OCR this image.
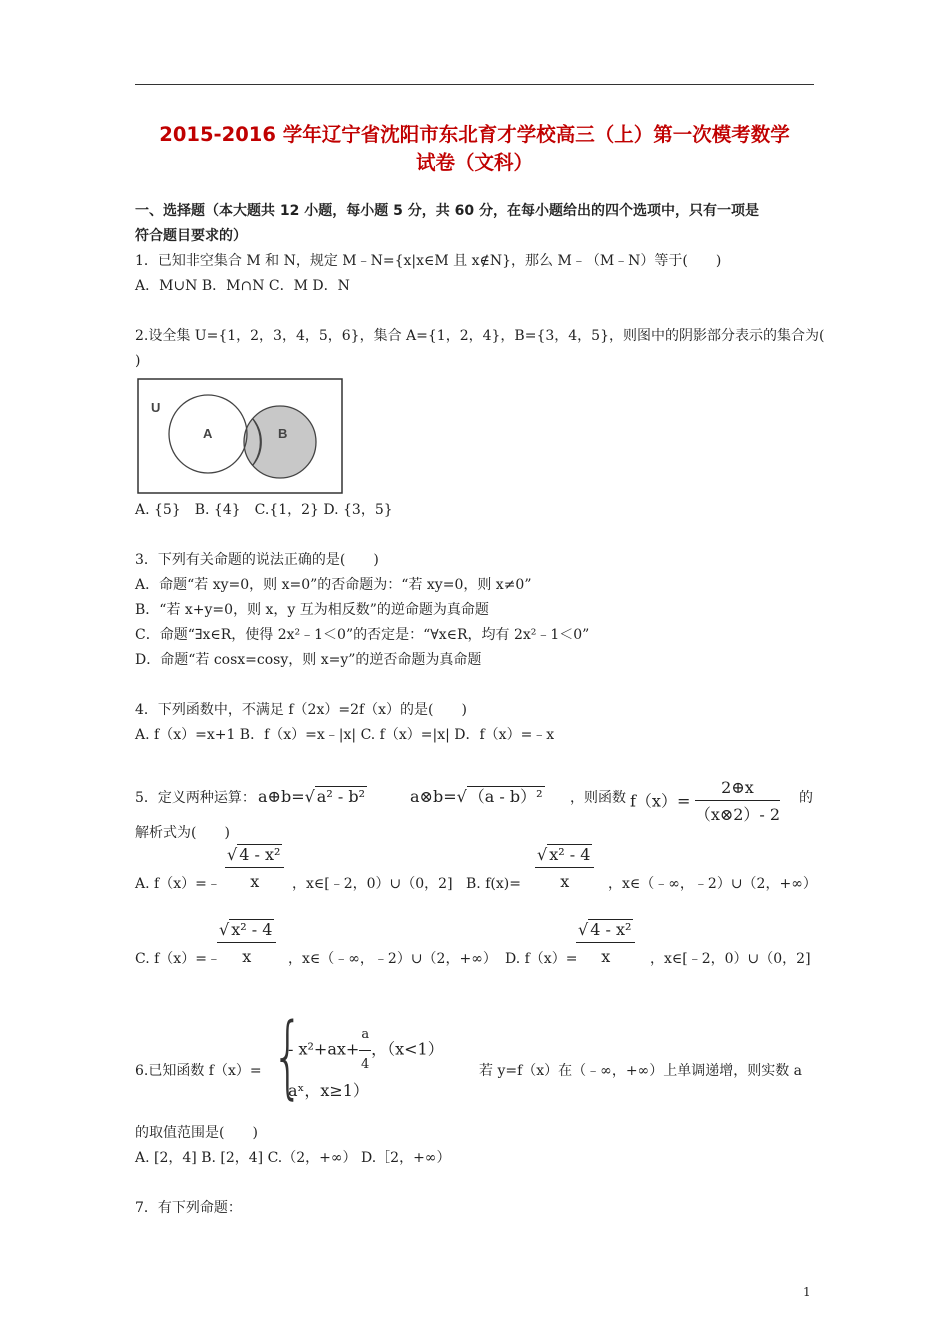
2015-2016 学年辽宁省沈阳市东北育才学校高三（上）第一次模考数学
试卷（文科）
一、选择题（本大题共 12 小题，每小题 5 分，共 60 分，在每小题给出的四个选项中，只有一项是
符合题目要求的）
1．已知非空集合 M 和 N，规定 M﹣N={x|x∈M 且 x∉N}，那么 M﹣（M﹣N）等于(　　)
A．M∪N B．M∩N C．M D．N
2.设全集 U={1，2，3，4，5，6}，集合 A={1，2，4}，B={3，4，5}，则图中的阴影部分表示的集合为(
)
U
A	B
A. {5}　B. {4}　C.{1，2} D. {3，5}
3．下列有关命题的说法正确的是(　　)
A．命题“若 xy=0，则 x=0”的否命题为：“若 xy=0，则 x≠0”
B．“若 x+y=0，则 x，y 互为相反数”的逆命题为真命题
C．命题“∃x∈R，使得 2x²﹣1＜0”的否定是：“∀x∈R，均有 2x²﹣1＜0”
D．命题“若 cosx=cosy，则 x=y”的逆否命题为真命题
4．下列函数中，不满足 f（2x）=2f（x）的是(　　)
A. f（x）=x+1 B．f（x）=x﹣|x| C. f（x）=|x| D．f（x）=﹣x
5．定义两种运算： a⊕b=√ a² - b²	a⊗b=√ （a - b）² ，则函数 $f(x)= \frac{2\oplus x}{(x\otimes 2)- 2}$ 的
解析式为(　　)
A. f（x）=﹣ $\frac{\text{√ 4 - x²}}{x}$ ，x∈[﹣2，0）∪（0，2] B. $f(x)= \frac{\text{√ x² - 4}}{x}$ ，x∈（﹣∞，﹣2）∪（2，+∞）
C. f（x）=﹣
$\frac{\text{√ x² - 4}}{x}$ ，x∈（﹣∞，﹣2）∪（2，+∞） D. f（x）=
$\frac{\text{√ 4 - x²}}{x}$ ，x∈[﹣2，0）∪（0，2]
6.已知函数 f（x）= {
- $x^2+ax+ \frac{a}{4}$ ，（x<1）
aˣ，x≥1）
若 y=f（x）在（﹣∞，+∞）上单调递增，则实数 a
的取值范围是(　　)
A. [2，4] B. [2，4] C.（2，+∞） D.［2，+∞）
7．有下列命题：
1
